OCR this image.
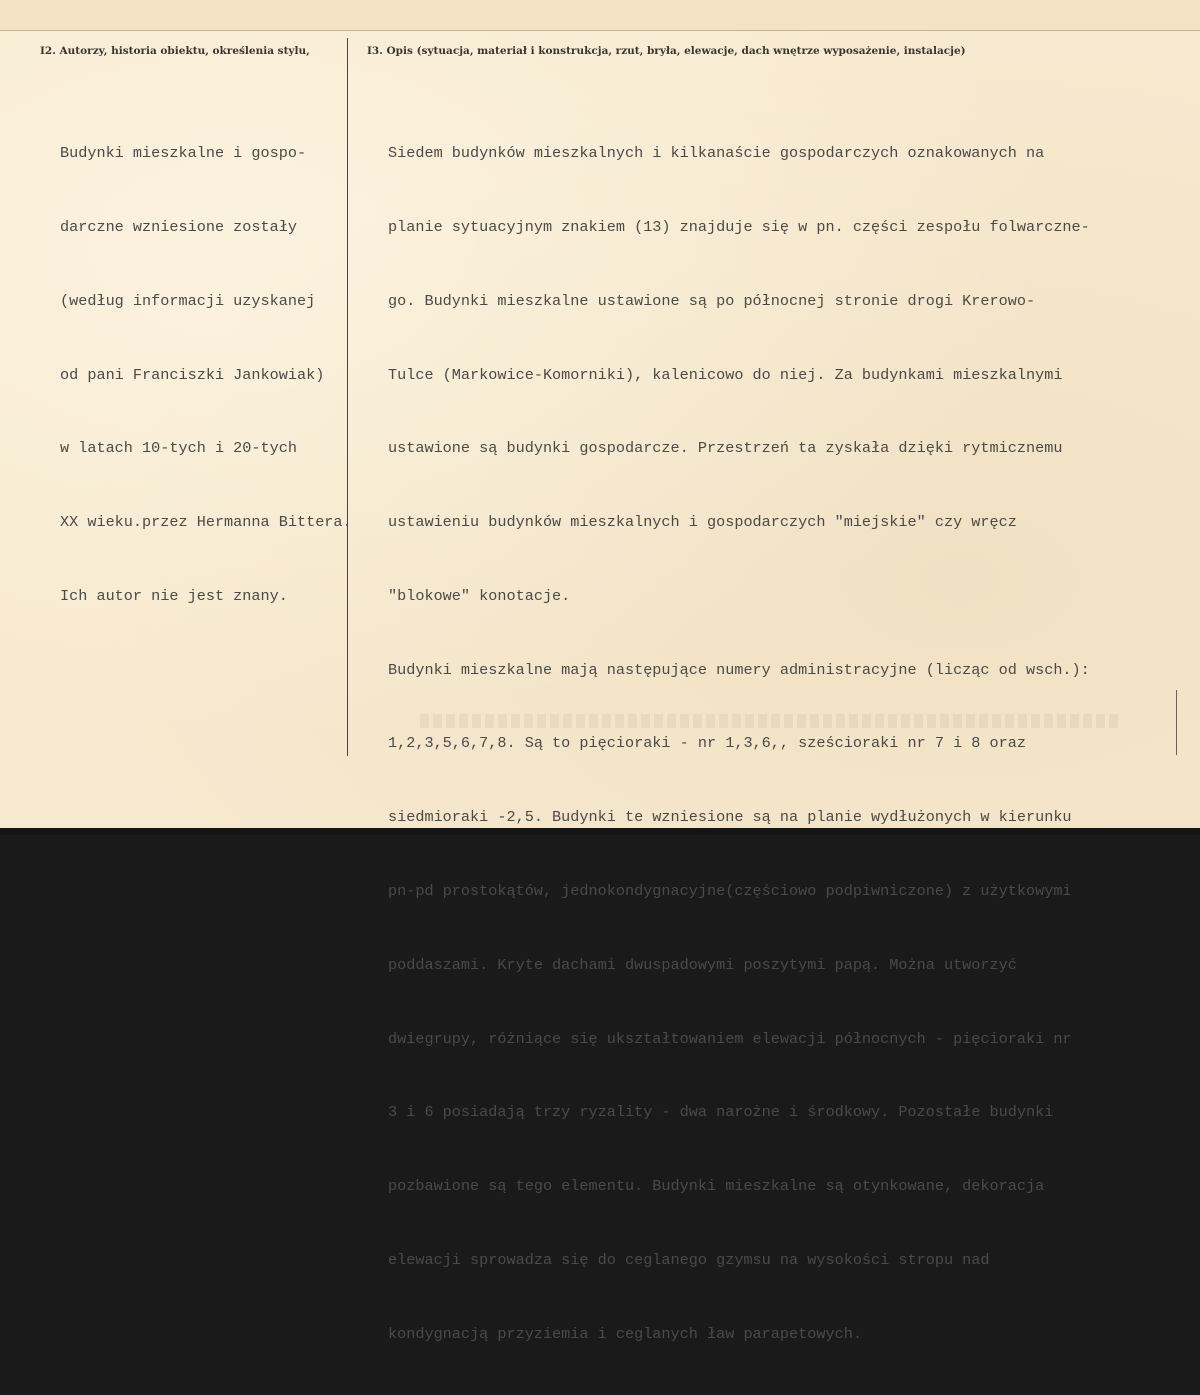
I2. Autorzy, historia obiektu, określenia stylu,	I3. Opis (sytuacja, materiał i konstrukcja, rzut, bryła, elewacje, dach wnętrze wyposażenie, instalacje)

Budynki mieszkalne i gospo-

darczne wzniesione zostały

(według informacji uzyskanej

od pani Franciszki Jankowiak)

w latach 10-tych i 20-tych

XX wieku.przez Hermanna Bittera.

Ich autor nie jest znany.

Siedem budynków mieszkalnych i kilkanaście gospodarczych oznakowanych na

planie sytuacyjnym znakiem (13) znajduje się w pn. części zespołu folwarczne-

go. Budynki mieszkalne ustawione są po północnej stronie drogi Krerowo-

Tulce (Markowice-Komorniki), kalenicowo do niej. Za budynkami mieszkalnymi

ustawione są budynki gospodarcze. Przestrzeń ta zyskała dzięki rytmicznemu

ustawieniu budynków mieszkalnych i gospodarczych "miejskie" czy wręcz

"blokowe" konotacje.

Budynki mieszkalne mają następujące numery administracyjne (licząc od wsch.):

1,2,3,5,6,7,8. Są to pięcioraki - nr 1,3,6,, sześcioraki nr 7 i 8 oraz

siedmioraki -2,5. Budynki te wzniesione są na planie wydłużonych w kierunku

pn-pd prostokątów, jednokondygnacyjne(częściowo podpiwniczone) z użytkowymi

poddaszami. Kryte dachami dwuspadowymi poszytymi papą. Można utworzyć

dwiegrupy, różniące się ukształtowaniem elewacji północnych - pięcioraki nr

3 i 6 posiadają trzy ryzality - dwa narożne i środkowy. Pozostałe budynki

pozbawione są tego elementu. Budynki mieszkalne są otynkowane, dekoracja

elewacji sprowadza się do ceglanego gzymsu na wysokości stropu nad

kondygnacją przyziemia i ceglanych ław parapetowych.
